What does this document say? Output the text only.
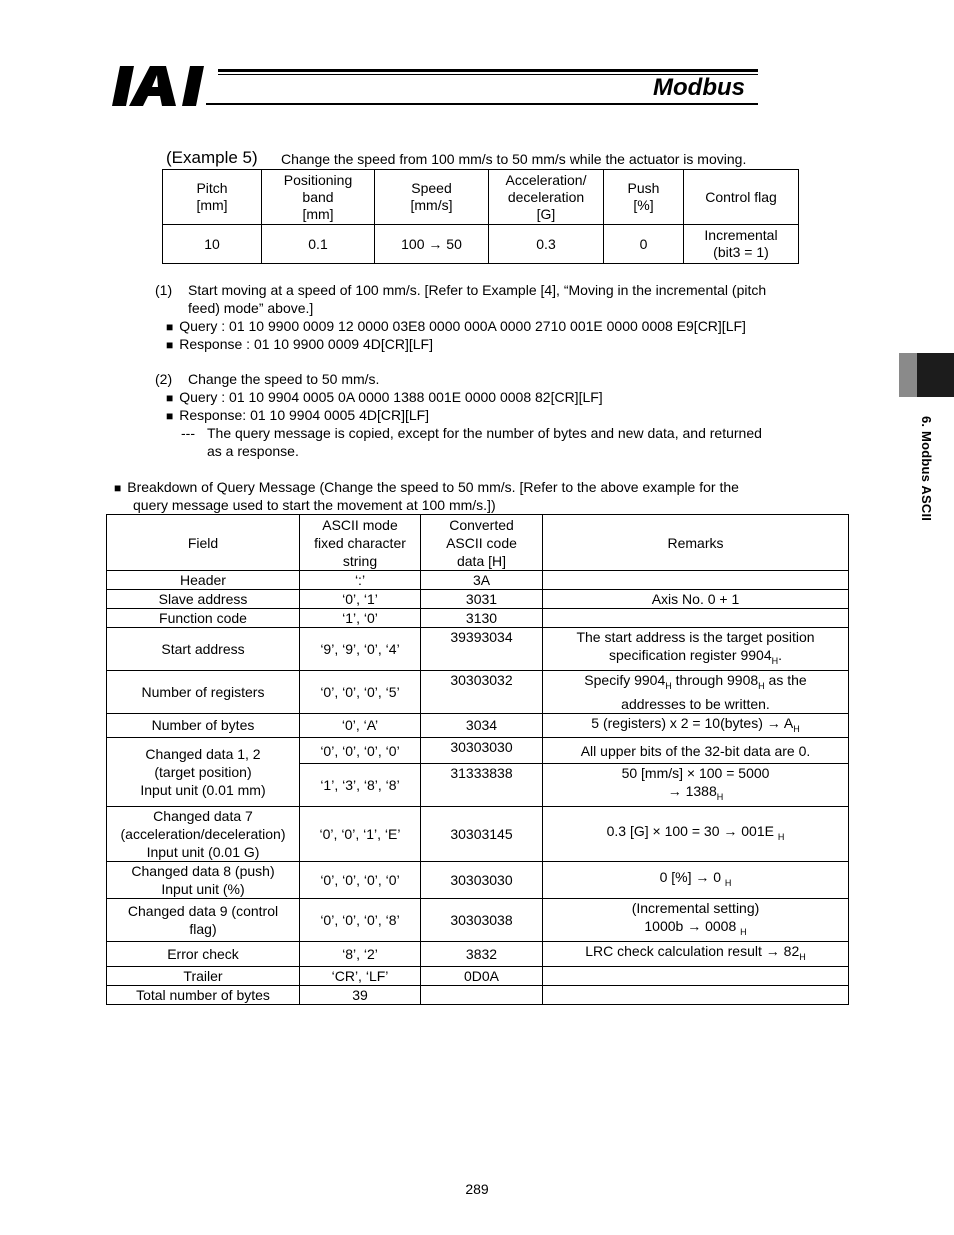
Modbus
6. Modbus ASCII
(Example 5) Change the speed from 100 mm/s to 50 mm/s while the actuator is moving.
Pitch
[mm]	Positioning
band
[mm]	Speed
[mm/s]	Acceleration/
deceleration
[G]	Push
[%]	Control flag
10	0.1	100 → 50	0.3	0	Incremental
(bit3 = 1)
(1) Start moving at a speed of 100 mm/s. [Refer to Example [4], “Moving in the incremental (pitch
feed) mode” above.]
■ Query : 01 10 9900 0009 12 0000 03E8 0000 000A 0000 2710 001E 0000 0008 E9[CR][LF]
■ Response : 01 10 9900 0009 4D[CR][LF]
(2) Change the speed to 50 mm/s.
■ Query : 01 10 9904 0005 0A 0000 1388 001E 0000 0008 82[CR][LF]
■ Response: 01 10 9904 0005 4D[CR][LF]
--- The query message is copied, except for the number of bytes and new data, and returned
as a response.
■ Breakdown of Query Message (Change the speed to 50 mm/s. [Refer to the above example for the
query message used to start the movement at 100 mm/s.])
Field	ASCII mode
fixed character
string	Converted
ASCII code
data [H]	Remarks
Header	‘:’	3A	
Slave address	‘0’, ‘1’	3031	Axis No. 0 + 1
Function code	‘1’, ‘0’	3130	
Start address	‘9’, ‘9’, ‘0’, ‘4’	39393034	The start address is the target position
specification register $9904_H$.
Number of registers	‘0’, ‘0’, ‘0’, ‘5’	30303032	Specify $9904_H$ through $9908_H$ as the
addresses to be written.
Number of bytes	‘0’, ‘A’	3034	5 (registers) x 2 = 10(bytes) → $A_H$
Changed data 1, 2
(target position)
Input unit (0.01 mm)	‘0’, ‘0’, ‘0’, ‘0’	30303030	All upper bits of the 32-bit data are 0.
	‘1’, ‘3’, ‘8’, ‘8’	31333838	50 [mm/s] × 100 = 5000
→ $1388_H$
Changed data 7
(acceleration/deceleration)
Input unit (0.01 G)	‘0’, ‘0’, ‘1’, ‘E’	30303145	0.3 [G] × 100 = 30 → 001E $_H$
Changed data 8 (push)
Input unit (%)	‘0’, ‘0’, ‘0’, ‘0’	30303030	0 [%] → 0 $_H$
Changed data 9 (control
flag)	‘0’, ‘0’, ‘0’, ‘8’	30303038	(Incremental setting)
1000b → 0008 $_H$
Error check	‘8’, ‘2’	3832	LRC check calculation result → $82_H$
Trailer	‘CR’, ‘LF’	0D0A	
Total number of bytes	39		
289
